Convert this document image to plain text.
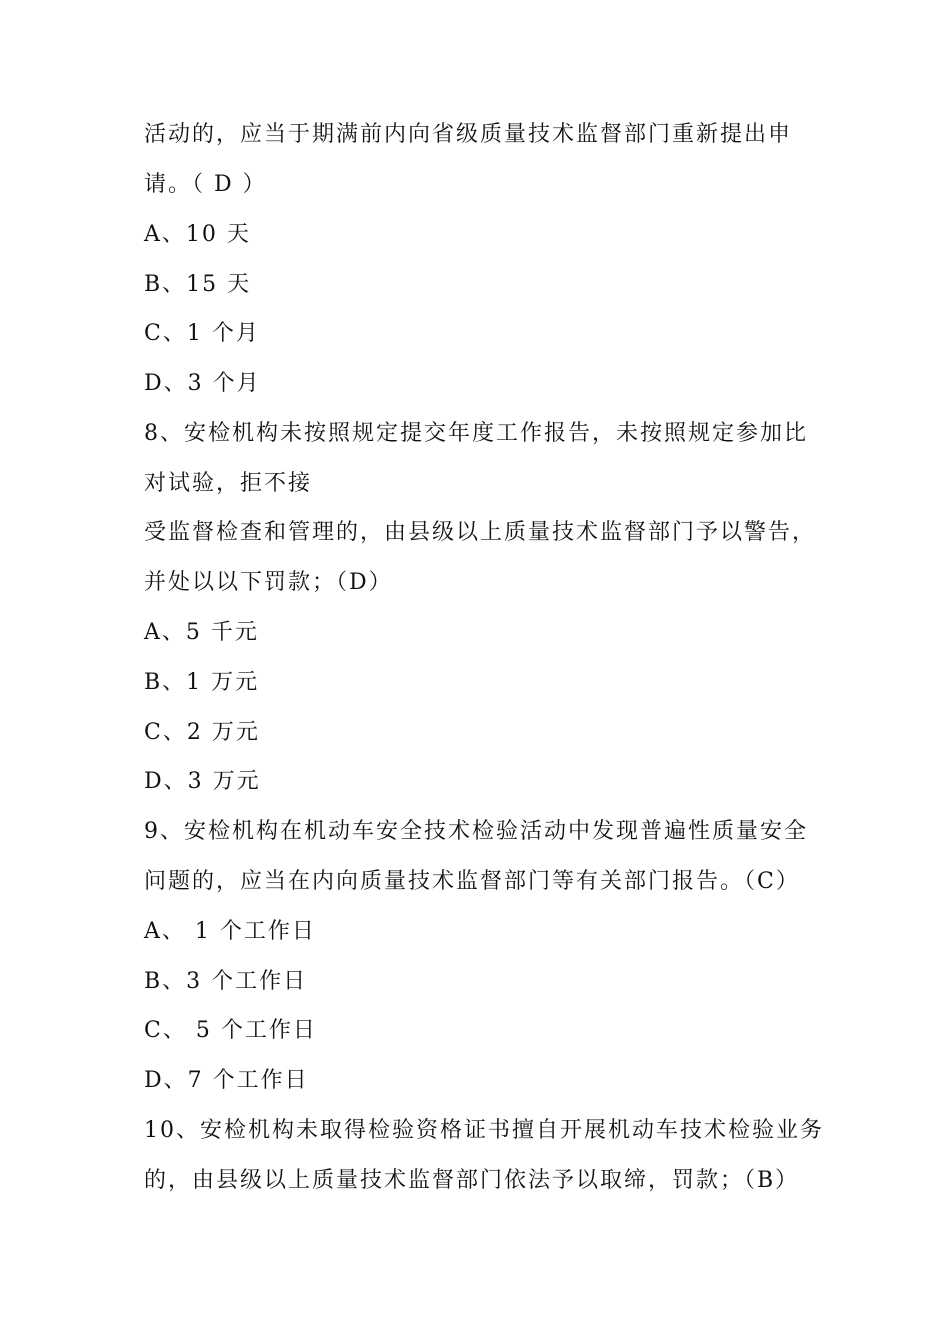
活动的，应当于期满前内向省级质量技术监督部门重新提出申
请。（ D ）
A、10 天
B、15 天
C、1 个月
D、3 个月
8、安检机构未按照规定提交年度工作报告，未按照规定参加比
对试验，拒不接
受监督检查和管理的，由县级以上质量技术监督部门予以警告，
并处以以下罚款；（D）
A、5 千元
B、1 万元
C、2 万元
D、3 万元
9、安检机构在机动车安全技术检验活动中发现普遍性质量安全
问题的，应当在内向质量技术监督部门等有关部门报告。（C）
A、 1 个工作日
B、3 个工作日
C、 5 个工作日
D、7 个工作日
10、安检机构未取得检验资格证书擅自开展机动车技术检验业务
的，由县级以上质量技术监督部门依法予以取缔，罚款；（B）
